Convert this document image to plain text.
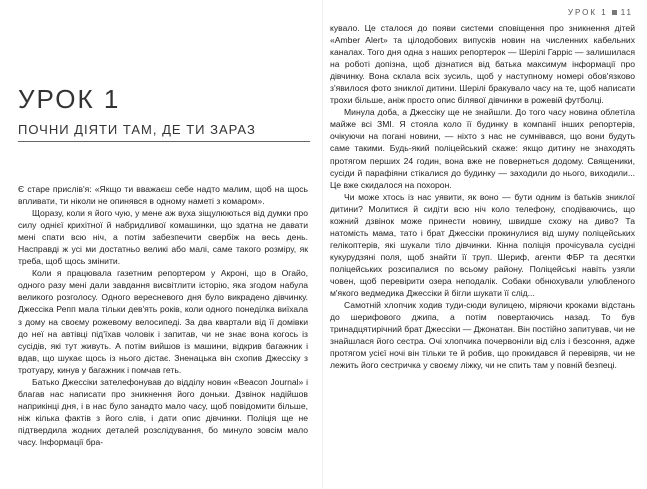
УРОК 1
ПОЧНИ ДІЯТИ ТАМ, ДЕ ТИ ЗАРАЗ

Є старе прислів'я: «Якщо ти вважаєш себе надто малим, щоб на щось впливати, ти ніколи не опинявся в одному наметі з комаром».

Щоразу, коли я його чую, у мене аж вуха зіщулюються від думки про силу однієї крихітної й набридливої комашинки, що здатна не давати мені спати всю ніч, а потім забезпечити свербіж на весь день. Насправді ж усі ми достатньо великі або малі, саме такого розміру, як треба, щоб щось змінити.

Коли я працювала газетним репортером у Акроні, що в Огайо, одного разу мені дали завдання висвітлити історію, яка згодом набула великого розголосу. Одного вересневого дня було викрадено дівчинку. Джессіка Репп мала тільки дев'ять років, коли одного понеділка виїхала з дому на своєму рожевому велосипеді. За два квартали від її домівки до неї на автівці під'їхав чоловік і запитав, чи не знає вона когось із сусідів, які тут живуть. А потім вийшов із машини, відкрив багажник і вдав, що шукає щось із нього дістає. Зненацька він схопив Джессіку з тротуару, кинув у багажник і помчав геть.

Батько Джессіки зателефонував до відділу новин «Beacon Journal» і благав нас написати про зникнення його доньки. Дзвінок надійшов наприкінці дня, і в нас було занадто мало часу, щоб повідомити більше, ніж кілька фактів з його слів, і дати опис дівчинки. Поліція ще не підтвердила жодних деталей розслідування, бо минуло зовсім мало часу. Інформації бра-

УРОК 1 11

кувало. Це сталося до появи системи сповіщення про зникнення дітей «Amber Alert» та цілодобових випусків новин на численних кабельних каналах. Того дня одна з наших репортерок — Шерілі Гарріс — залишилася на роботі допізна, щоб дізнатися від батька максимум інформації про дівчинку. Вона склала всіх зусиль, щоб у наступному номері обов'язково з'явилося фото зниклої дитини. Шерілі бракувало часу на те, щоб написати трохи більше, аніж просто опис білявої дівчинки в рожевій футболці.

Минула доба, а Джессіку ще не знайшли. До того часу новина облетіла майже всі ЗМІ. Я стояла коло її будинку в компанії інших репортерів, очікуючи на погані новини, — ніхто з нас не сумнівався, що вони будуть саме такими. Будь-який поліцейський скаже: якщо дитину не знаходять протягом перших 24 годин, вона вже не повернеться додому. Священики, сусіди й парафіяни стікалися до будинку — заходили до нього, виходили... Це вже скидалося на похорон.

Чи може хтось із нас уявити, як воно — бути одним із батьків зниклої дитини? Молитися й сидіти всю ніч коло телефону, сподіваючись, що кожний дзвінок може принести новину, швидше схожу на диво? Та натомість мама, тато і брат Джессіки прокинулися від шуму поліцейських гелікоптерів, які шукали тіло дівчинки. Кінна поліція прочісувала сусідні кукурудзяні поля, щоб знайти її труп. Шериф, агенти ФБР та десятки поліцейських розсипалися по всьому району. Поліцейські навіть узяли човен, щоб перевірити озера неподалік. Собаки обнюхували улюбленого м'якого ведмедика Джессіки й бігли шукати її слід...

Самотній хлопчик ходив туди-сюди вулицею, міряючи кроками відстань до шерифового джипа, а потім повертаючись назад. То був тринадцятирічний брат Джессіки — Джонатан. Він постійно запитував, чи не знайшлася його сестра. Очі хлопчика почервоніли від сліз і безсоння, адже протягом усієї ночі він тільки те й робив, що прокидався й перевіряв, чи не лежить його сестричка у своєму ліжку, чи не спить там у повній безпеці.
